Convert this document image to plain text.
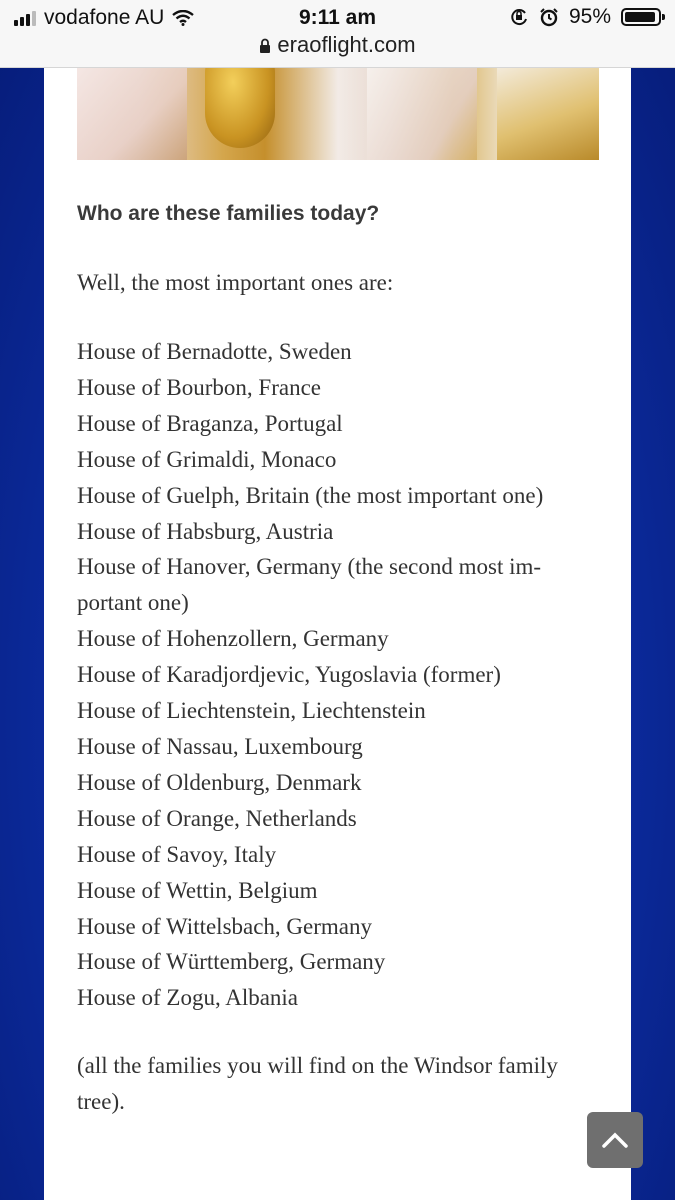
vodafone AU	9:11 am	95%
eraoflight.com
Who are these families today?
Well, the most important ones are:
House of Bernadotte, Sweden
House of Bourbon, France
House of Braganza, Portugal
House of Grimaldi, Monaco
House of Guelph, Britain (the most important one)
House of Habsburg, Austria
House of Hanover, Germany (the second most im-
portant one)
House of Hohenzollern, Germany
House of Karadjordjevic, Yugoslavia (former)
House of Liechtenstein, Liechtenstein
House of Nassau, Luxembourg
House of Oldenburg, Denmark
House of Orange, Netherlands
House of Savoy, Italy
House of Wettin, Belgium
House of Wittelsbach, Germany
House of Württemberg, Germany
House of Zogu, Albania
(all the families you will find on the Windsor family tree).
